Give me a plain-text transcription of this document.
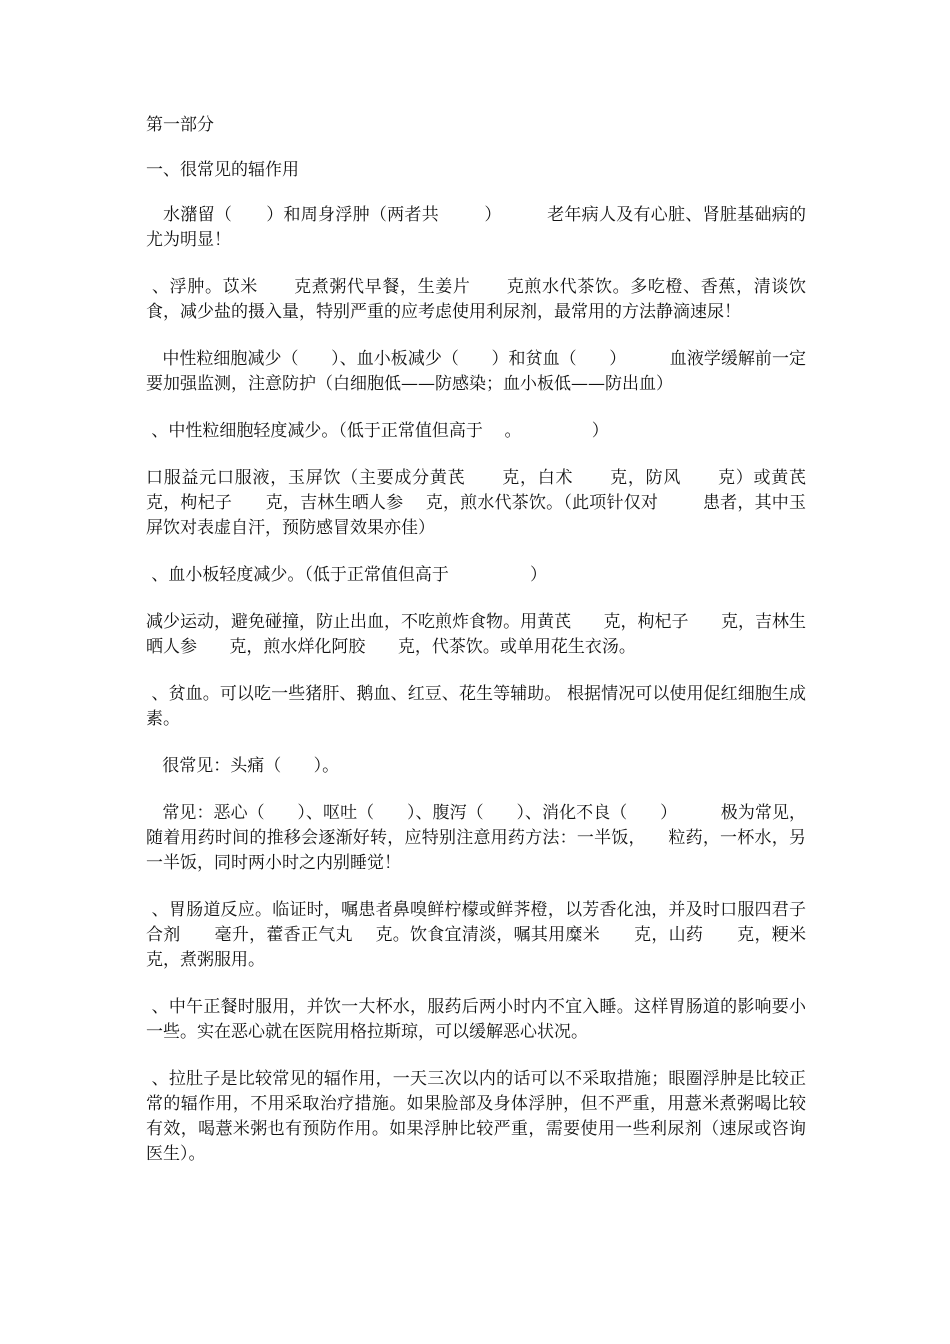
第一部分

一、很常见的辐作用

水潴留（      ）和周身浮肿（两者共        ）        老年病人及有心脏、肾脏基础病的尤为明显！

、浮肿。苡米      克煮粥代早餐，生姜片      克煎水代茶饮。多吃橙、香蕉，清谈饮食，减少盐的摄入量，特别严重的应考虑使用利尿剂，最常用的方法静滴速尿！

中性粒细胞减少（      ）、血小板减少（      ）和贫血（      ）        血液学缓解前一定要加强监测，注意防护（白细胞低——防感染；血小板低——防出血）

、中性粒细胞轻度减少。（低于正常值但高于    。             ）

口服益元口服液，玉屏饮（主要成分黄芪      克，白术      克，防风      克）或黄芪      克，枸杞子      克，吉林生晒人参    克，煎水代茶饮。（此项针仅对        患者，其中玉屏饮对表虚自汗，预防感冒效果亦佳）

、血小板轻度减少。（低于正常值但高于               ）

减少运动，避免碰撞，防止出血，不吃煎炸食物。用黄芪      克，枸杞子      克，吉林生晒人参      克，煎水烊化阿胶      克，代茶饮。或单用花生衣汤。

、贫血。可以吃一些猪肝、鹅血、红豆、花生等辅助。 根据情况可以使用促红细胞生成素。

很常见：头痛（      ）。

常见：恶心（      ）、呕吐（      ）、腹泻（      ）、消化不良（      ）        极为常见，随着用药时间的推移会逐渐好转，应特别注意用药方法：一半饭，    粒药，一杯水，另一半饭，同时两小时之内别睡觉！

、胃肠道反应。临证时，嘱患者鼻嗅鲜柠檬或鲜荠橙，以芳香化浊，并及时口服四君子合剂      毫升，藿香正气丸    克。饮食宜清淡，嘱其用糜米      克，山药      克，粳米      克，煮粥服用。

、中午正餐时服用，并饮一大杯水，服药后两小时内不宜入睡。这样胃肠道的影响要小一些。实在恶心就在医院用格拉斯琼，可以缓解恶心状况。

、拉肚子是比较常见的辐作用，一天三次以内的话可以不采取措施；眼圈浮肿是比较正常的辐作用，不用采取治疗措施。如果脸部及身体浮肿，但不严重，用薏米煮粥喝比较有效，喝薏米粥也有预防作用。如果浮肿比较严重，需要使用一些利尿剂（速尿或咨询医生）。
